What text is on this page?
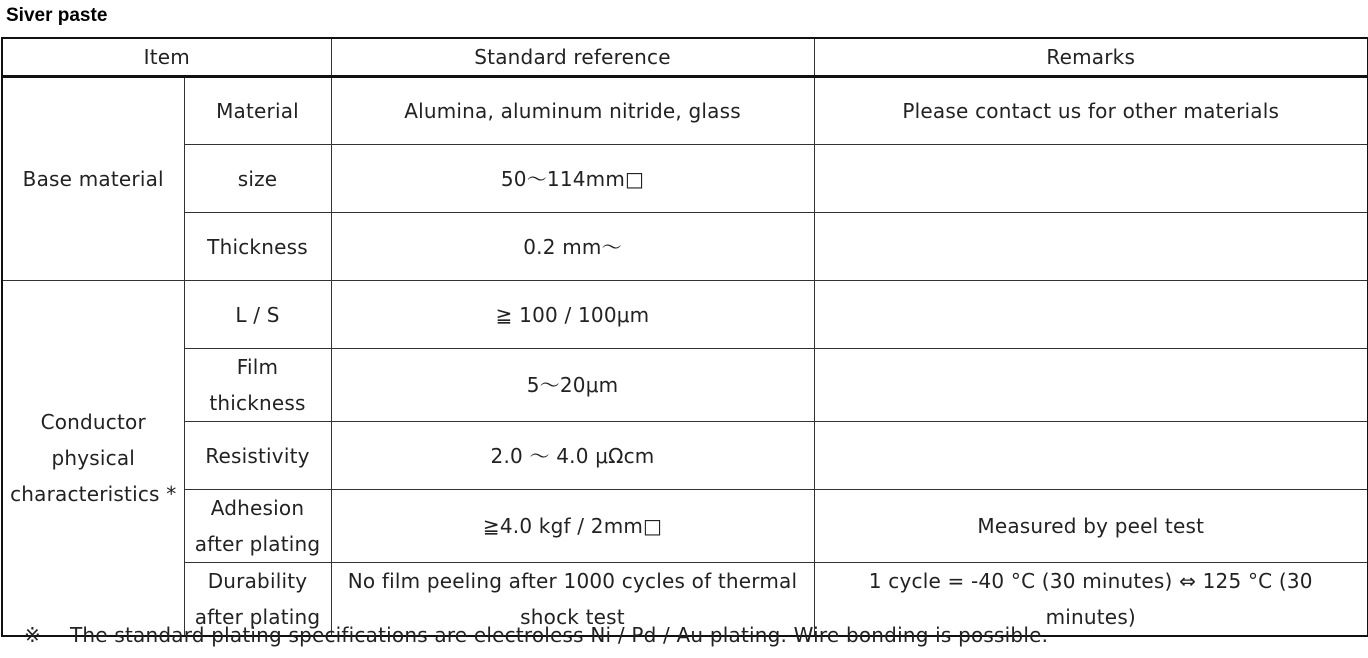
Siver paste
Item		Standard reference	Remarks
Base material	Material	Alumina, aluminum nitride, glass	Please contact us for other materials
	size	50～114mm□	
	Thickness	0.2 mm～	
Conductor physical characteristics *	L / S	≧ 100 / 100μm	
	Film thickness	5～20μm	
	Resistivity	2.0 ～ 4.0 μΩcm	
	Adhesion after plating	≧4.0 kgf / 2mm□	Measured by peel test
	Durability after plating	No film peeling after 1000 cycles of thermal shock test	1 cycle = -40 °C (30 minutes) ⇔ 125 °C (30 minutes)
※ The standard plating specifications are electroless Ni / Pd / Au plating. Wire bonding is possible.
